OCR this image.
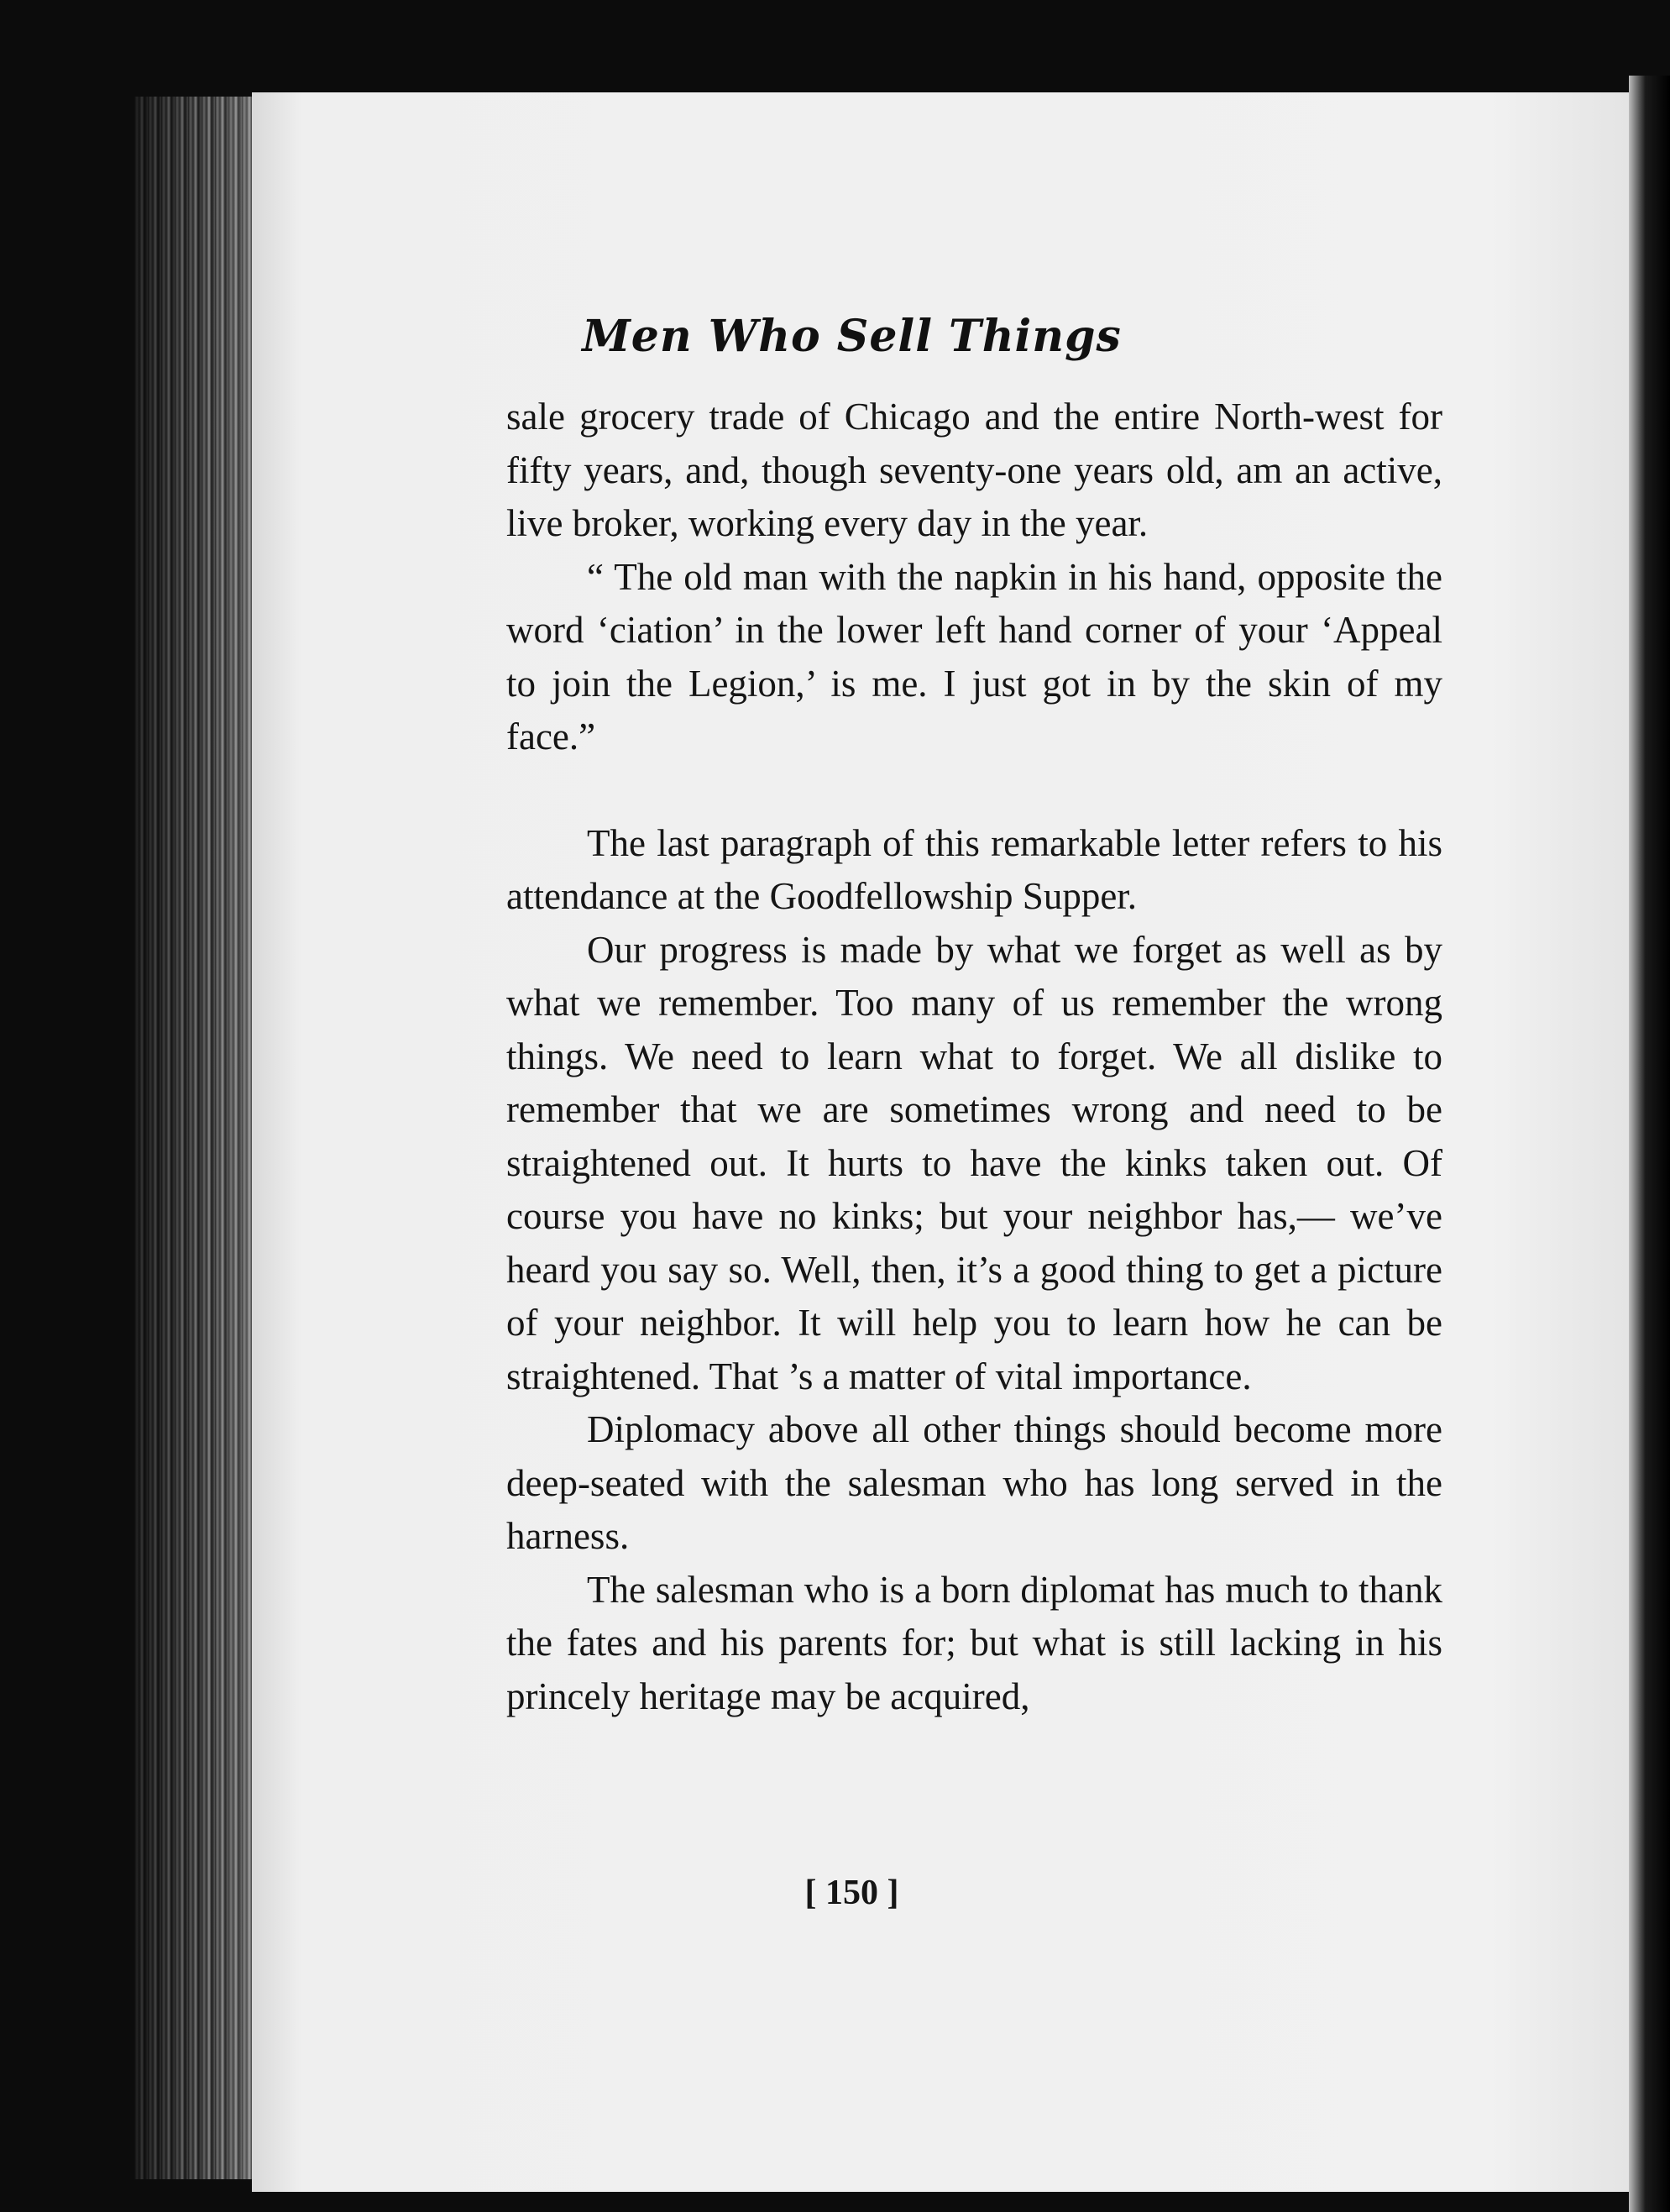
Men Who Sell Things

sale grocery trade of Chicago and the entire North-west for fifty years, and, though seventy-one years old, am an active, live broker, working every day in the year.

“ The old man with the napkin in his hand, opposite the word ‘ciation’ in the lower left hand corner of your ‘Appeal to join the Legion,’ is me. I just got in by the skin of my face.”

The last paragraph of this remarkable letter refers to his attendance at the Goodfellowship Supper.

Our progress is made by what we forget as well as by what we remember. Too many of us remember the wrong things. We need to learn what to forget. We all dislike to remember that we are sometimes wrong and need to be straightened out. It hurts to have the kinks taken out. Of course you have no kinks; but your neighbor has,— we’ve heard you say so. Well, then, it’s a good thing to get a picture of your neighbor. It will help you to learn how he can be straightened. That ’s a matter of vital importance.

Diplomacy above all other things should become more deep-seated with the salesman who has long served in the harness.

The salesman who is a born diplomat has much to thank the fates and his parents for; but what is still lacking in his princely heritage may be acquired,

[ 150 ]
